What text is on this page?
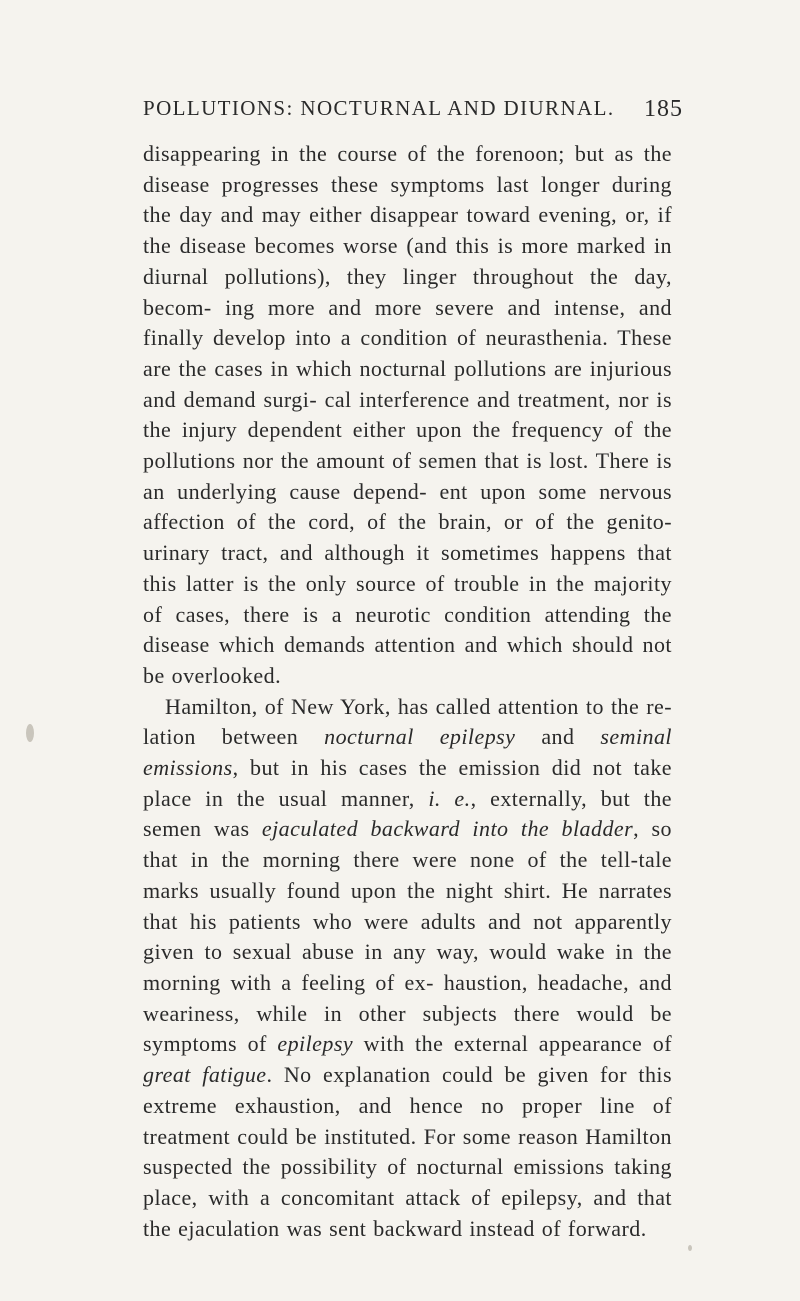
POLLUTIONS: NOCTURNAL AND DIURNAL. 185

disappearing in the course of the forenoon; but as the disease progresses these symptoms last longer during the day and may either disappear toward evening, or, if the disease becomes worse (and this is more marked in diurnal pollutions), they linger throughout the day, becom- ing more and more severe and intense, and finally develop into a condition of neurasthenia. These are the cases in which nocturnal pollutions are injurious and demand surgi- cal interference and treatment, nor is the injury dependent either upon the frequency of the pollutions nor the amount of semen that is lost. There is an underlying cause depend- ent upon some nervous affection of the cord, of the brain, or of the genito-urinary tract, and although it sometimes happens that this latter is the only source of trouble in the majority of cases, there is a neurotic condition attending the disease which demands attention and which should not be overlooked.

Hamilton, of New York, has called attention to the re- lation between nocturnal epilepsy and seminal emissions, but in his cases the emission did not take place in the usual manner, i. e., externally, but the semen was ejaculated backward into the bladder, so that in the morning there were none of the tell-tale marks usually found upon the night shirt. He narrates that his patients who were adults and not apparently given to sexual abuse in any way, would wake in the morning with a feeling of ex- haustion, headache, and weariness, while in other subjects there would be symptoms of epilepsy with the external appearance of great fatigue. No explanation could be given for this extreme exhaustion, and hence no proper line of treatment could be instituted. For some reason Hamilton suspected the possibility of nocturnal emissions taking place, with a concomitant attack of epilepsy, and that the ejaculation was sent backward instead of forward.
